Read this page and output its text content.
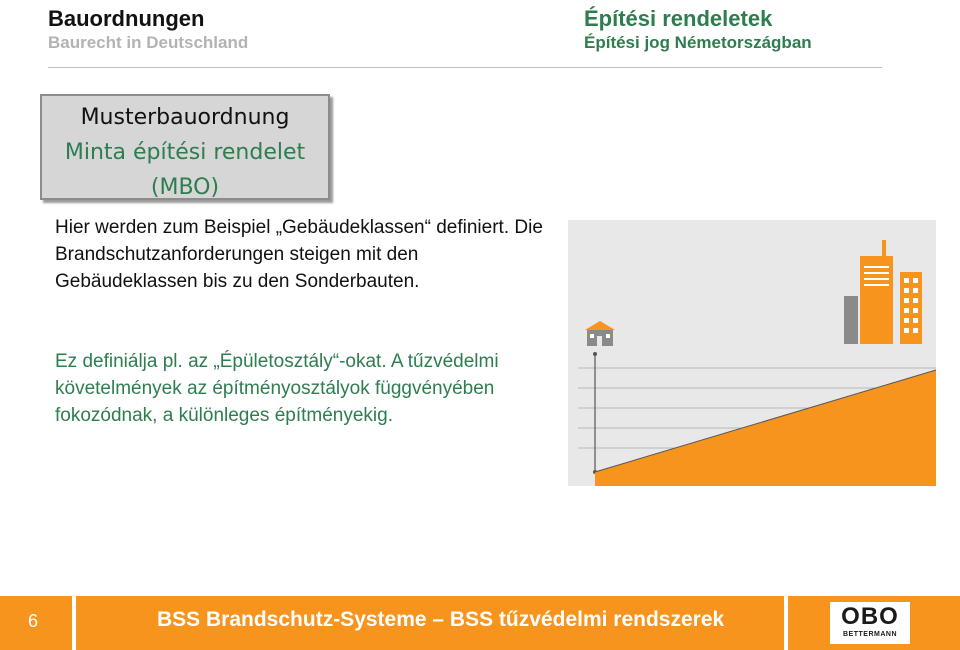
Bauordnungen
Baurecht in Deutschland
Építési rendeletek
Építési jog Németországban
Musterbauordnung
Minta építési rendelet
(MBO)
Hier werden zum Beispiel „Gebäudeklassen“ definiert. Die Brandschutzanforderungen steigen mit den Gebäudeklassen bis zu den Sonderbauten.
Ez definiálja pl. az „Épületosztály“-okat. A tűzvédelmi követelmények az építményosztályok függvényében fokozódnak, a különleges építményekig.
6	BSS Brandschutz-Systeme – BSS tűzvédelmi rendszerek	OBO
BETTERMANN
